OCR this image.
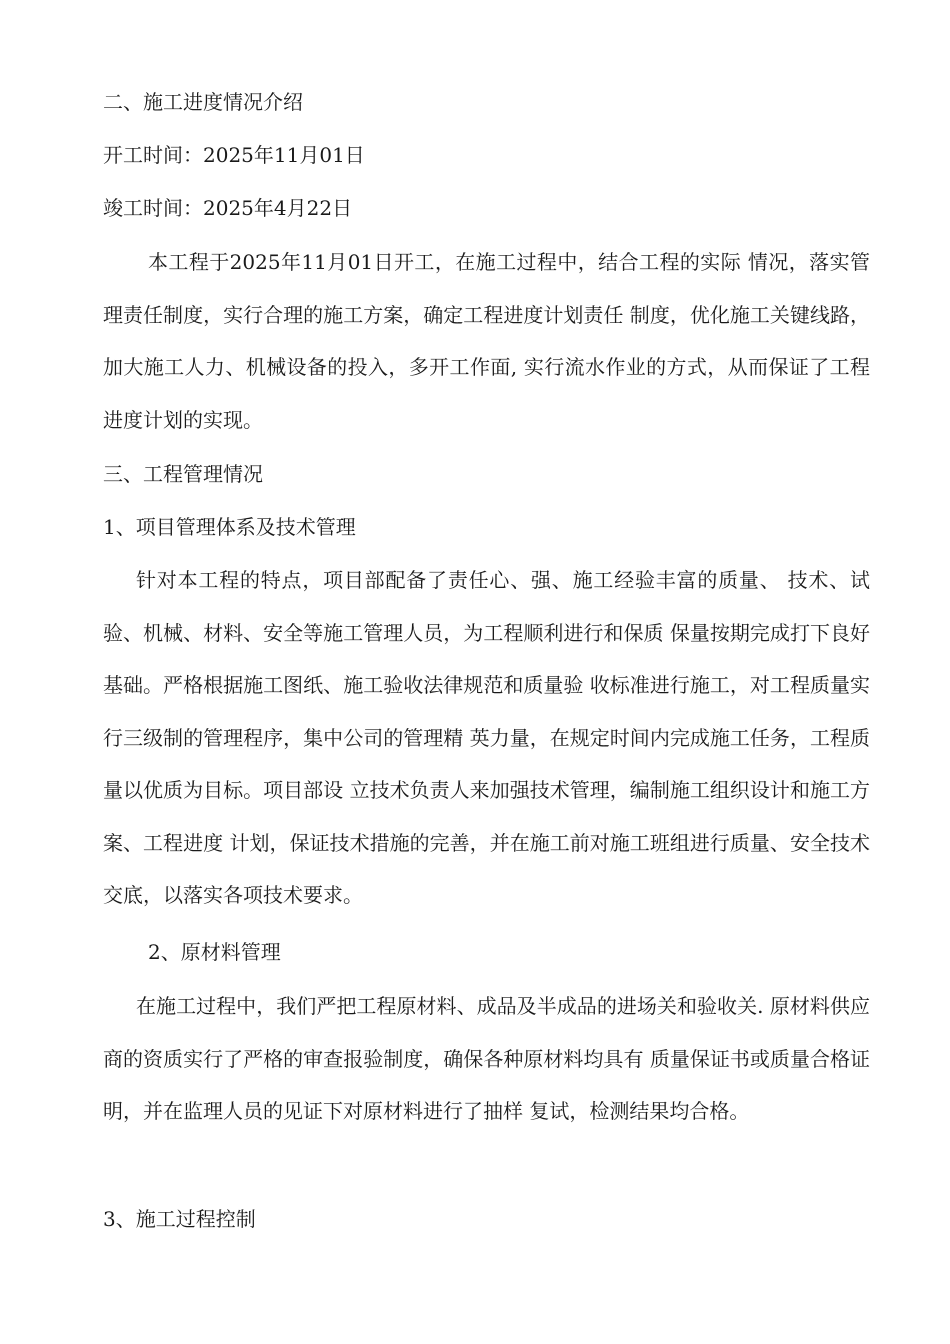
二、施工进度情况介绍
开工时间：2025年11月01日
竣工时间：2025年4月22日

本工程于2025年11月01日开工，在施工过程中，结合工程的实际 情况，落实管理责任制度，实行合理的施工方案，确定工程进度计划责任 制度，优化施工关键线路，加大施工人力、机械设备的投入，多开工作面, 实行流水作业的方式，从而保证了工程进度计划的实现。

三、工程管理情况
1、项目管理体系及技术管理

针对本工程的特点，项目部配备了责任心、强、施工经验丰富的质量、 技术、试验、机械、材料、安全等施工管理人员，为工程顺利进行和保质 保量按期完成打下良好基础。严格根据施工图纸、施工验收法律规范和质量验 收标准进行施工，对工程质量实行三级制的管理程序，集中公司的管理精 英力量，在规定时间内完成施工任务，工程质量以优质为目标。项目部设 立技术负责人来加强技术管理，编制施工组织设计和施工方案、工程进度 计划，保证技术措施的完善，并在施工前对施工班组进行质量、安全技术 交底，以落实各项技术要求。

2、原材料管理

在施工过程中，我们严把工程原材料、成品及半成品的进场关和验收关. 原材料供应商的资质实行了严格的审查报验制度，确保各种原材料均具有 质量保证书或质量合格证明，并在监理人员的见证下对原材料进行了抽样 复试，检测结果均合格。

3、施工过程控制
